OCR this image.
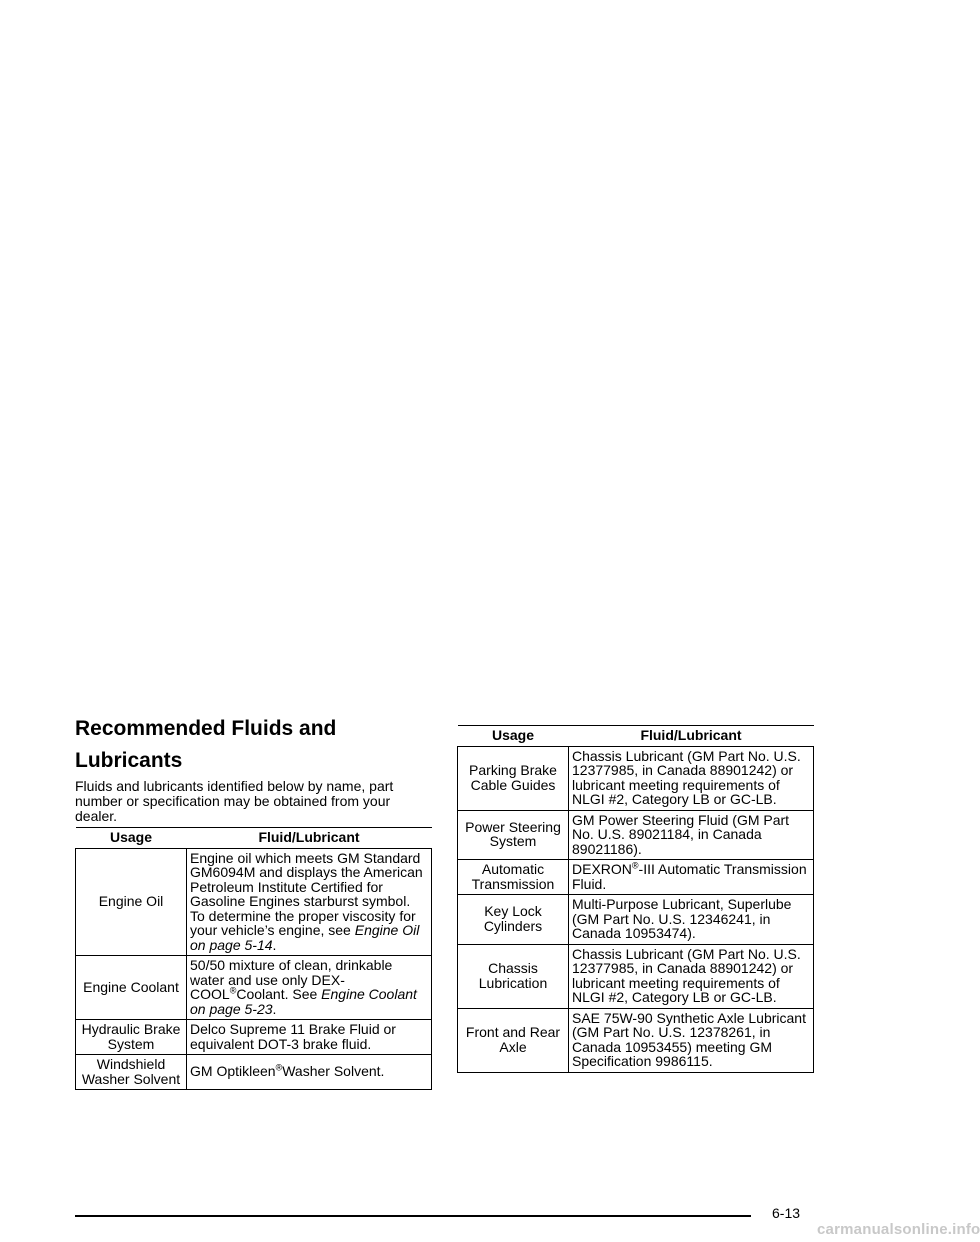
Recommended Fluids and Lubricants

Fluids and lubricants identified below by name, part number or specification may be obtained from your dealer.

Usage	Fluid/Lubricant
Engine Oil	Engine oil which meets GM Standard GM6094M and displays the American Petroleum Institute Certified for Gasoline Engines starburst symbol. To determine the proper viscosity for your vehicle’s engine, see Engine Oil on page 5-14.
Engine Coolant	50/50 mixture of clean, drinkable water and use only DEX-COOL®Coolant. See Engine Coolant on page 5-23.
Hydraulic Brake System	Delco Supreme 11 Brake Fluid or equivalent DOT-3 brake fluid.
Windshield Washer Solvent	GM Optikleen®Washer Solvent.
Usage	Fluid/Lubricant
Parking Brake Cable Guides	Chassis Lubricant (GM Part No. U.S. 12377985, in Canada 88901242) or lubricant meeting requirements of NLGI #2, Category LB or GC-LB.
Power Steering System	GM Power Steering Fluid (GM Part No. U.S. 89021184, in Canada 89021186).
Automatic Transmission	DEXRON®-III Automatic Transmission Fluid.
Key Lock Cylinders	Multi-Purpose Lubricant, Superlube (GM Part No. U.S. 12346241, in Canada 10953474).
Chassis Lubrication	Chassis Lubricant (GM Part No. U.S. 12377985, in Canada 88901242) or lubricant meeting requirements of NLGI #2, Category LB or GC-LB.
Front and Rear Axle	SAE 75W-90 Synthetic Axle Lubricant (GM Part No. U.S. 12378261, in Canada 10953455) meeting GM Specification 9986115.
6-13
carmanualsonline.info
